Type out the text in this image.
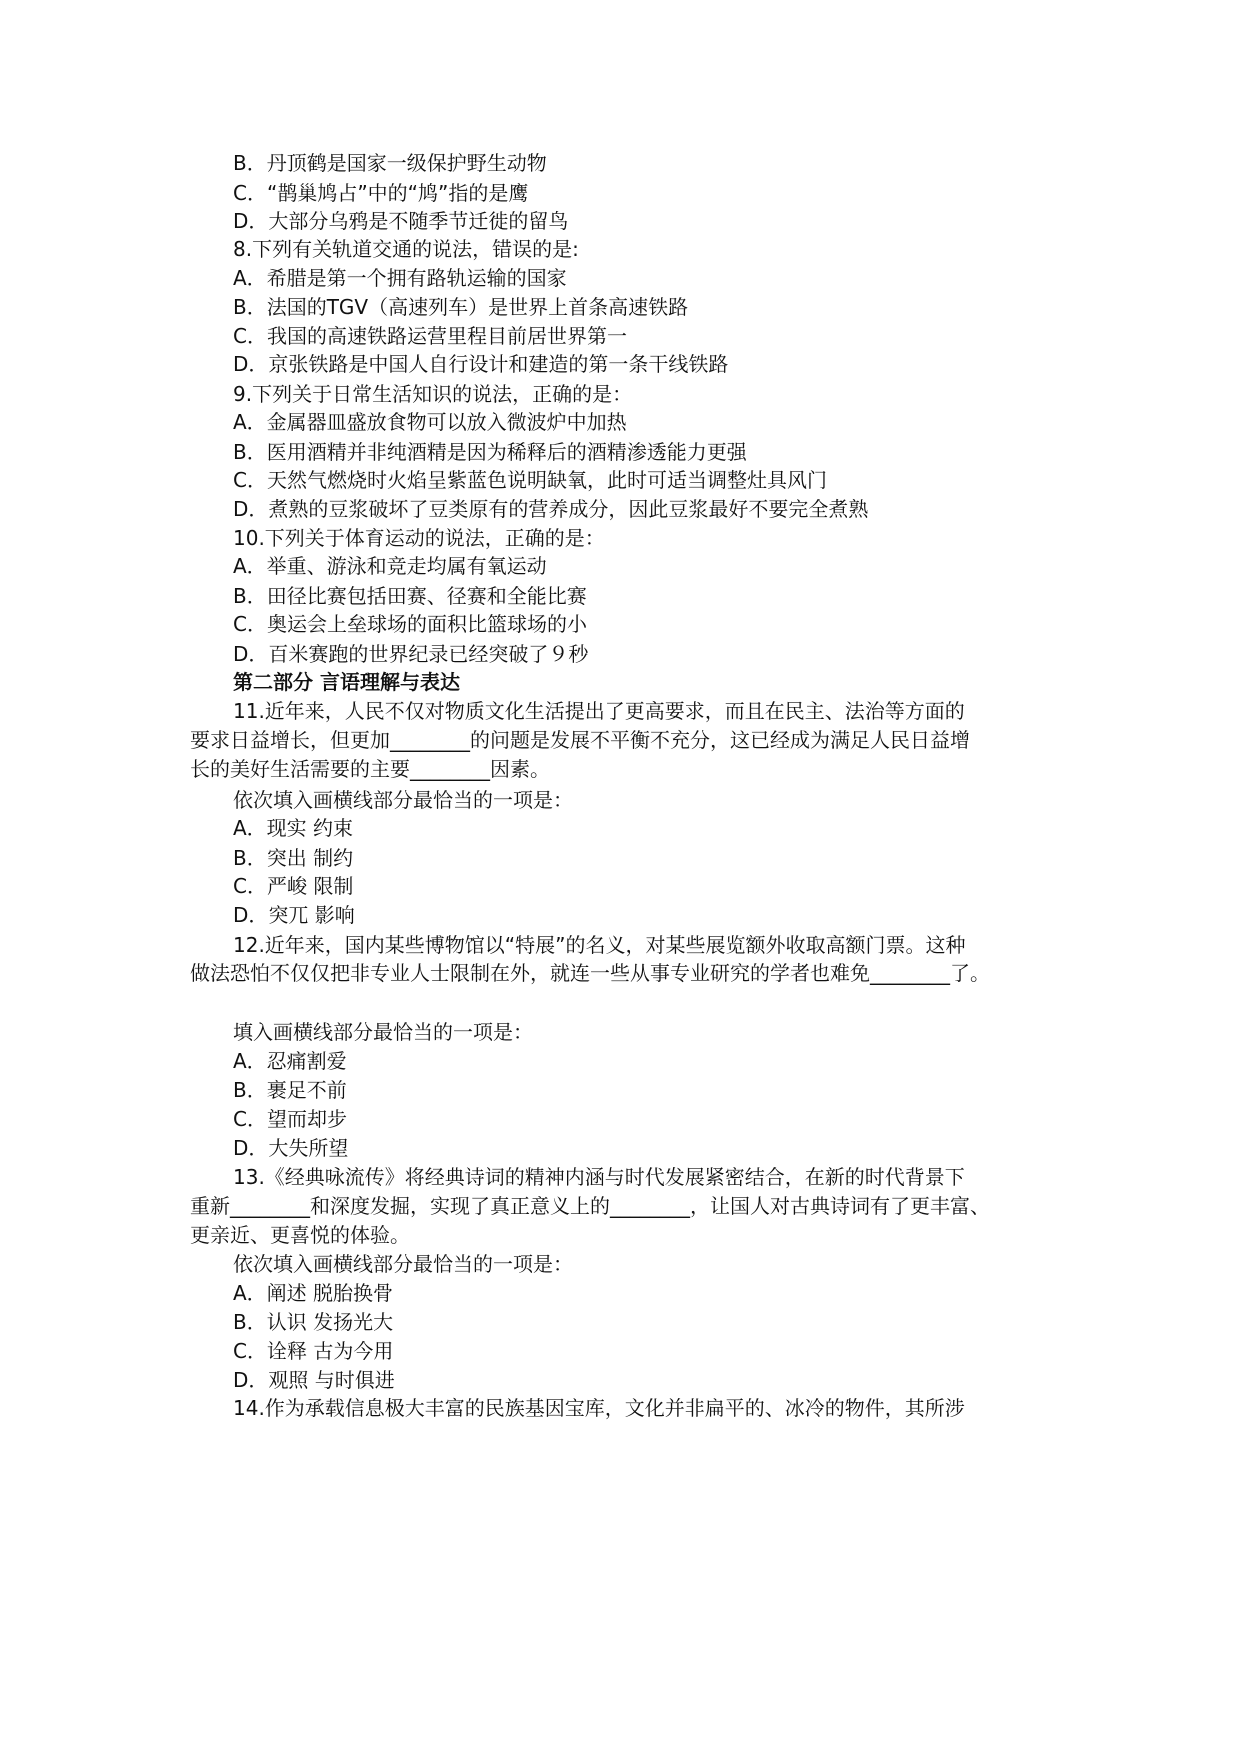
B．丹顶鹤是国家一级保护野生动物
C．“鹊巢鸠占”中的“鸠”指的是鹰
D．大部分乌鸦是不随季节迁徙的留鸟
8.下列有关轨道交通的说法，错误的是:
A．希腊是第一个拥有路轨运输的国家
B．法国的TGV（高速列车）是世界上首条高速铁路
C．我国的高速铁路运营里程目前居世界第一
D．京张铁路是中国人自行设计和建造的第一条干线铁路
9.下列关于日常生活知识的说法，正确的是：
A．金属器皿盛放食物可以放入微波炉中加热
B．医用酒精并非纯酒精是因为稀释后的酒精渗透能力更强
C．天然气燃烧时火焰呈紫蓝色说明缺氧，此时可适当调整灶具风门
D．煮熟的豆浆破坏了豆类原有的营养成分，因此豆浆最好不要完全煮熟
10.下列关于体育运动的说法，正确的是：
A．举重、游泳和竞走均属有氧运动
B．田径比赛包括田赛、径赛和全能比赛
C．奥运会上垒球场的面积比篮球场的小
D．百米赛跑的世界纪录已经突破了９秒
第二部分 言语理解与表达
11.近年来，人民不仅对物质文化生活提出了更高要求，而且在民主、法治等方面的
要求日益增长，但更加________的问题是发展不平衡不充分，这已经成为满足人民日益增
长的美好生活需要的主要________因素。
依次填入画横线部分最恰当的一项是：
A．现实 约束
B．突出 制约
C．严峻 限制
D．突兀 影响
12.近年来，国内某些博物馆以“特展”的名义，对某些展览额外收取高额门票。这种
做法恐怕不仅仅把非专业人士限制在外，就连一些从事专业研究的学者也难免________了。
填入画横线部分最恰当的一项是：
A．忍痛割爱
B．裹足不前
C．望而却步
D．大失所望
13.《经典咏流传》将经典诗词的精神内涵与时代发展紧密结合，在新的时代背景下
重新________和深度发掘，实现了真正意义上的________，让国人对古典诗词有了更丰富、
更亲近、更喜悦的体验。
依次填入画横线部分最恰当的一项是：
A．阐述 脱胎换骨
B．认识 发扬光大
C．诠释 古为今用
D．观照 与时俱进
14.作为承载信息极大丰富的民族基因宝库，文化并非扁平的、冰冷的物件，其所涉
